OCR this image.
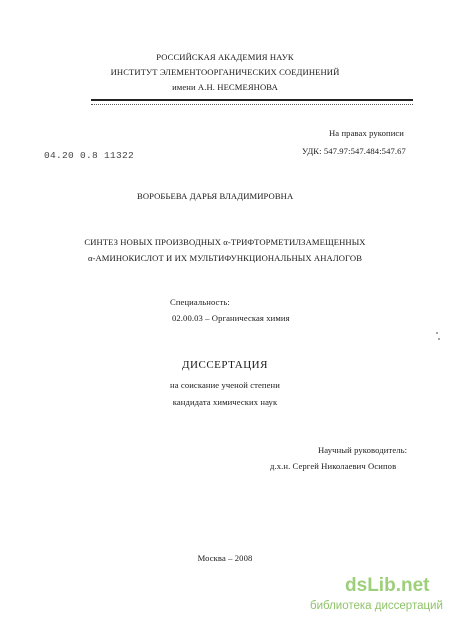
РОССИЙСКАЯ АКАДЕМИЯ НАУК
ИНСТИТУТ ЭЛЕМЕНТООРГАНИЧЕСКИХ СОЕДИНЕНИЙ
имени А.Н. НЕСМЕЯНОВА
На правах рукописи
УДК: 547.97:547.484:547.67
04.20 0.8 11322
ВОРОБЬЕВА ДАРЬЯ ВЛАДИМИРОВНА
СИНТЕЗ НОВЫХ ПРОИЗВОДНЫХ α-ТРИФТОРМЕТИЛЗАМЕЩЕННЫХ
α-АМИНОКИСЛОТ И ИХ МУЛЬТИФУНКЦИОНАЛЬНЫХ АНАЛОГОВ
Специальность:
02.00.03 – Органическая химия
ДИССЕРТАЦИЯ
на соискание ученой степени
кандидата химических наук
Научный руководитель:
д.х.н. Сергей Николаевич Осипов
Москва – 2008
dsLib.net
библиотека диссертаций
